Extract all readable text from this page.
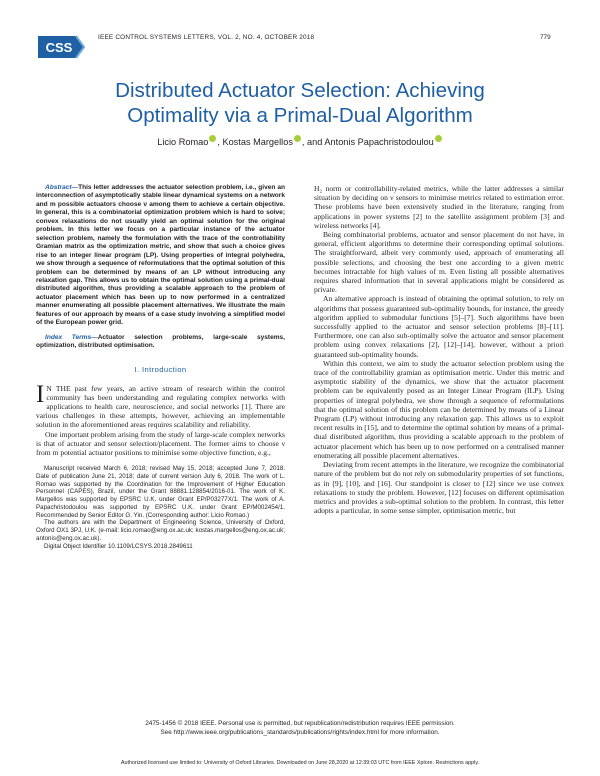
CSS
IEEE CONTROL SYSTEMS LETTERS, VOL. 2, NO. 4, OCTOBER 2018	779
Distributed Actuator Selection: Achieving
Optimality via a Primal-Dual Algorithm
Licio Romao , Kostas Margellos , and Antonis Papachristodoulou

Abstract—This letter addresses the actuator selection problem, i.e., given an interconnection of asymptotically stable linear dynamical systems on a network and m possible actuators choose ν among them to achieve a certain objective. In general, this is a combinatorial optimization problem which is hard to solve; convex relaxations do not usually yield an optimal solution for the original problem. In this letter we focus on a particular instance of the actuator selection problem, namely the formulation with the trace of the controllability Gramian matrix as the optimization metric, and show that such a choice gives rise to an integer linear program (LP). Using properties of integral polyhedra, we show through a sequence of reformulations that the optimal solution of this problem can be determined by means of an LP without introducing any relaxation gap. This allows us to obtain the optimal solution using a primal-dual distributed algorithm, thus providing a scalable approach to the problem of actuator placement which has been up to now performed in a centralized manner enumerating all possible placement alternatives. We illustrate the main features of our approach by means of a case study involving a simplified model of the European power grid.

Index Terms—Actuator selection problems, large-scale systems, optimization, distributed optimisation.

I. Introduction

I N THE past few years, an active stream of research within the control community has been understanding and regulating complex networks with applications to health care, neuroscience, and social networks [1]. There are various challenges in these attempts, however, achieving an implementable solution in the aforementioned areas requires scalability and reliability.

One important problem arising from the study of large-scale complex networks is that of actuator and sensor selection/placement. The former aims to choose ν from m potential actuator positions to minimise some objective function, e.g.,

Manuscript received March 6, 2018; revised May 15, 2018; accepted June 7, 2018. Date of publication June 21, 2018; date of current version July 6, 2018. The work of L. Romao was supported by the Coordination for the Improvement of Higher Education Personnel (CAPES), Brazil, under the Grant 88881.128854/2016-01. The work of K. Margellos was supported by EPSRC U.K. under Grant EP/P03277X/1. The work of A. Papachristodoulou was supported by EPSRC U.K. under Grant EP/M002454/1. Recommended by Senior Editor G. Yin. (Corresponding author: Licio Romao.)

The authors are with the Department of Engineering Science, University of Oxford, Oxford OX1 3PJ, U.K. (e-mail: licio.romao@eng.ox.ac.uk; kostas.margellos@eng.ox.ac.uk; antonis@eng.ox.ac.uk).

Digital Object Identifier 10.1109/LCSYS.2018.2849611

H₂ norm or controllability-related metrics, while the latter addresses a similar situation by deciding on ν sensors to minimise metrics related to estimation error. These problems have been extensively studied in the literature, ranging from applications in power systems [2] to the satellite assignment problem [3] and wireless networks [4].

Being combinatorial problems, actuator and sensor placement do not have, in general, efficient algorithms to determine their corresponding optimal solutions. The straightforward, albeit very commonly used, approach of enumerating all possible selections, and choosing the best one according to a given metric becomes intractable for high values of m. Even listing all possible alternatives requires shared information that in several applications might be considered as private.

An alternative approach is instead of obtaining the optimal solution, to rely on algorithms that possess guaranteed sub-optimality bounds, for instance, the greedy algorithm applied to submodular functions [5]–[7]. Such algorithms have been successfully applied to the actuator and sensor selection problems [8]–[11]. Furthermore, one can also sub-optimally solve the actuator and sensor placement problem using convex relaxations [2], [12]–[14], however, without a priori guaranteed sub-optimality bounds.

Within this context, we aim to study the actuator selection problem using the trace of the controllability gramian as optimisation metric. Under this metric and asymptotic stability of the dynamics, we show that the actuator placement problem can be equivalently posed as an Integer Linear Program (ILP). Using properties of integral polyhedra, we show through a sequence of reformulations that the optimal solution of this problem can be determined by means of a Linear Program (LP) without introducing any relaxation gap. This allows us to exploit recent results in [15], and to determine the optimal solution by means of a primal-dual distributed algorithm, thus providing a scalable approach to the problem of actuator placement which has been up to now performed on a centralised manner enumerating all possible placement alternatives.

Deviating from recent attempts in the literature, we recognize the combinatorial nature of the problem but do not rely on submodularity properties of set functions, as in [9], [10], and [16]. Our standpoint is closer to [12] since we use convex relaxations to study the problem. However, [12] focuses on different optimisation metrics and provides a sub-optimal solution to the problem. In contrast, this letter adopts a particular, in some sense simpler, optimisation metric, but

2475-1456 © 2018 IEEE. Personal use is permitted, but republication/redistribution requires IEEE permission.
See http://www.ieee.org/publications_standards/publications/rights/index.html for more information.
Authorized licensed use limited to: University of Oxford Libraries. Downloaded on June 28,2020 at 12:39:03 UTC from IEEE Xplore. Restrictions apply.
